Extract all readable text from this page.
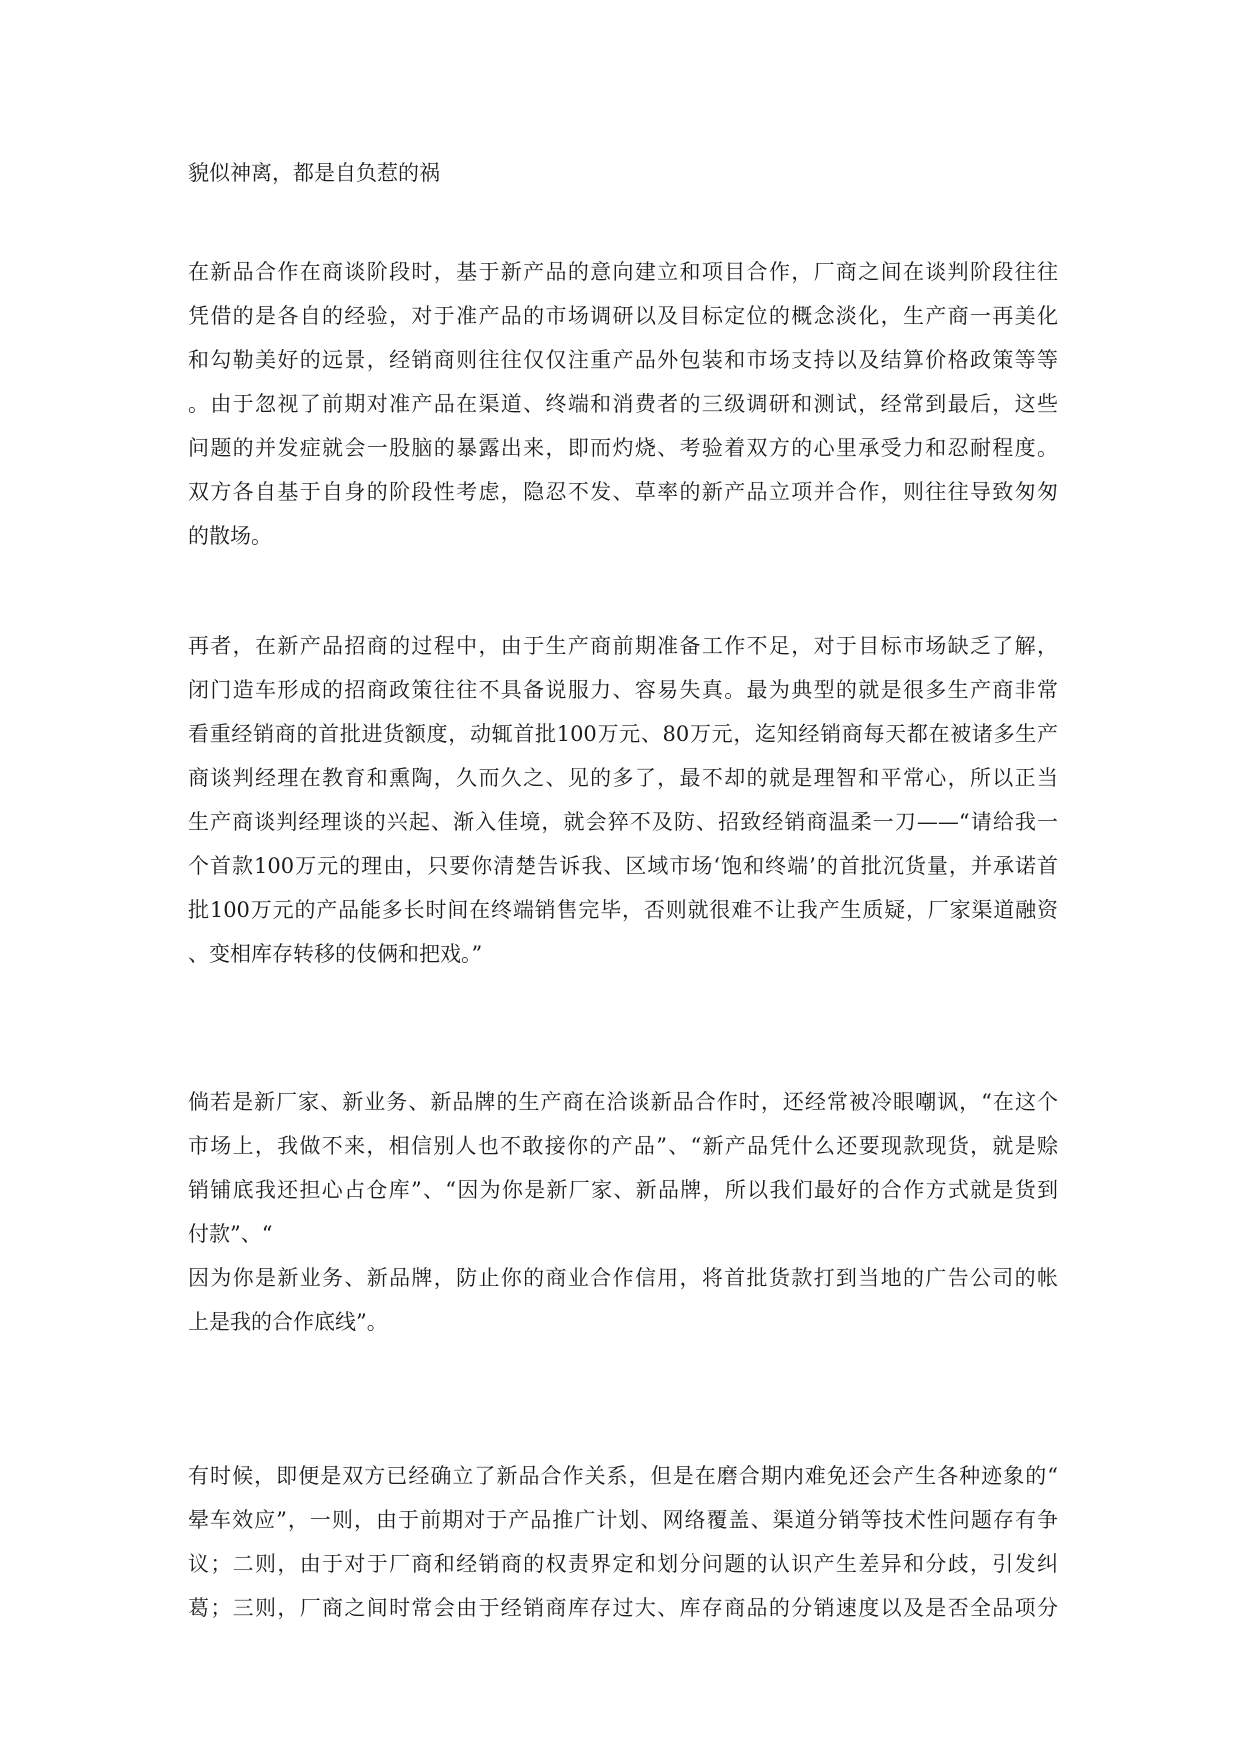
貌似神离，都是自负惹的祸
在新品合作在商谈阶段时，基于新产品的意向建立和项目合作，厂商之间在谈判阶段往往
凭借的是各自的经验，对于准产品的市场调研以及目标定位的概念淡化，生产商一再美化
和勾勒美好的远景，经销商则往往仅仅注重产品外包装和市场支持以及结算价格政策等等
。由于忽视了前期对准产品在渠道、终端和消费者的三级调研和测试，经常到最后，这些
问题的并发症就会一股脑的暴露出来，即而灼烧、考验着双方的心里承受力和忍耐程度。
双方各自基于自身的阶段性考虑，隐忍不发、草率的新产品立项并合作，则往往导致匆匆
的散场。
再者，在新产品招商的过程中，由于生产商前期准备工作不足，对于目标市场缺乏了解，
闭门造车形成的招商政策往往不具备说服力、容易失真。最为典型的就是很多生产商非常
看重经销商的首批进货额度，动辄首批100万元、80万元，迄知经销商每天都在被诸多生产
商谈判经理在教育和熏陶，久而久之、见的多了，最不却的就是理智和平常心，所以正当
生产商谈判经理谈的兴起、渐入佳境，就会猝不及防、招致经销商温柔一刀——“请给我一
个首款100万元的理由，只要你清楚告诉我、区域市场‘饱和终端’的首批沉货量，并承诺首
批100万元的产品能多长时间在终端销售完毕，否则就很难不让我产生质疑，厂家渠道融资
、变相库存转移的伎俩和把戏。”
倘若是新厂家、新业务、新品牌的生产商在洽谈新品合作时，还经常被冷眼嘲讽，“在这个
市场上，我做不来，相信别人也不敢接你的产品”、“新产品凭什么还要现款现货，就是赊
销铺底我还担心占仓库”、“因为你是新厂家、新品牌，所以我们最好的合作方式就是货到
付款”、“
因为你是新业务、新品牌，防止你的商业合作信用，将首批货款打到当地的广告公司的帐
上是我的合作底线”。
有时候，即便是双方已经确立了新品合作关系，但是在磨合期内难免还会产生各种迹象的“
晕车效应”，一则，由于前期对于产品推广计划、网络覆盖、渠道分销等技术性问题存有争
议；二则，由于对于厂商和经销商的权责界定和划分问题的认识产生差异和分歧，引发纠
葛；三则，厂商之间时常会由于经销商库存过大、库存商品的分销速度以及是否全品项分
